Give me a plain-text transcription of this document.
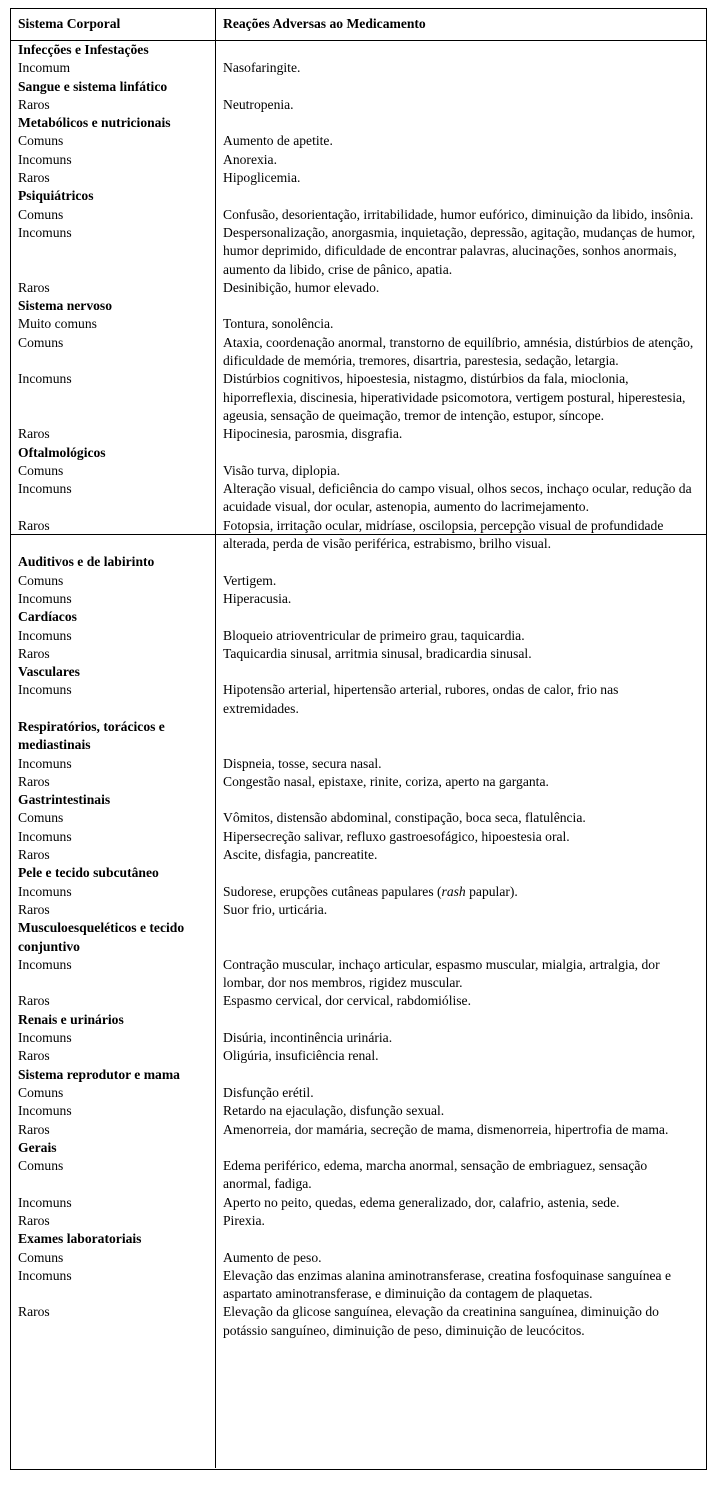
Sistema Corporal	Reações Adversas ao Medicamento
Infecções e Infestações
Incomum	Nasofaringite.
Sangue e sistema linfático
Raros	Neutropenia.
Metabólicos e nutricionais
Comuns	Aumento de apetite.
Incomuns	Anorexia.
Raros	Hipoglicemia.
Psiquiátricos
Comuns	Confusão, desorientação, irritabilidade, humor eufórico, diminuição da libido, insônia.
Incomuns	Despersonalização, anorgasmia, inquietação, depressão, agitação, mudanças de humor, humor deprimido, dificuldade de encontrar palavras, alucinações, sonhos anormais, aumento da libido, crise de pânico, apatia.
Raros	Desinibição, humor elevado.
Sistema nervoso
Muito comuns	Tontura, sonolência.
Comuns	Ataxia, coordenação anormal, transtorno de equilíbrio, amnésia, distúrbios de atenção, dificuldade de memória, tremores, disartria, parestesia, sedação, letargia.
Incomuns	Distúrbios cognitivos, hipoestesia, nistagmo, distúrbios da fala, mioclonia, hiporreflexia, discinesia, hiperatividade psicomotora, vertigem postural, hiperestesia, ageusia, sensação de queimação, tremor de intenção, estupor, síncope.
Raros	Hipocinesia, parosmia, disgrafia.
Oftalmológicos
Comuns	Visão turva, diplopia.
Incomuns	Alteração visual, deficiência do campo visual, olhos secos, inchaço ocular, redução da acuidade visual, dor ocular, astenopia, aumento do lacrimejamento.
Raros	Fotopsia, irritação ocular, midríase, oscilopsia, percepção visual de profundidade alterada, perda de visão periférica, estrabismo, brilho visual.
Auditivos e de labirinto
Comuns	Vertigem.
Incomuns	Hiperacusia.
Cardíacos
Incomuns	Bloqueio atrioventricular de primeiro grau, taquicardia.
Raros	Taquicardia sinusal, arritmia sinusal, bradicardia sinusal.
Vasculares
Incomuns	Hipotensão arterial, hipertensão arterial, rubores, ondas de calor, frio nas extremidades.
Respiratórios, torácicos e mediastinais
Incomuns	Dispneia, tosse, secura nasal.
Raros	Congestão nasal, epistaxe, rinite, coriza, aperto na garganta.
Gastrintestinais
Comuns	Vômitos, distensão abdominal, constipação, boca seca, flatulência.
Incomuns	Hipersecreção salivar, refluxo gastroesofágico, hipoestesia oral.
Raros	Ascite, disfagia, pancreatite.
Pele e tecido subcutâneo
Incomuns	Sudorese, erupções cutâneas papulares (rash papular).
Raros	Suor frio, urticária.
Musculoesqueléticos e tecido conjuntivo
Incomuns	Contração muscular, inchaço articular, espasmo muscular, mialgia, artralgia, dor lombar, dor nos membros, rigidez muscular.
Raros	Espasmo cervical, dor cervical, rabdomiólise.
Renais e urinários
Incomuns	Disúria, incontinência urinária.
Raros	Oligúria, insuficiência renal.
Sistema reprodutor e mama
Comuns	Disfunção erétil.
Incomuns	Retardo na ejaculação, disfunção sexual.
Raros	Amenorreia, dor mamária, secreção de mama, dismenorreia, hipertrofia de mama.
Gerais
Comuns	Edema periférico, edema, marcha anormal, sensação de embriaguez, sensação anormal, fadiga.
Incomuns	Aperto no peito, quedas, edema generalizado, dor, calafrio, astenia, sede.
Raros	Pirexia.
Exames laboratoriais
Comuns	Aumento de peso.
Incomuns	Elevação das enzimas alanina aminotransferase, creatina fosfoquinase sanguínea e aspartato aminotransferase, e diminuição da contagem de plaquetas.
Raros	Elevação da glicose sanguínea, elevação da creatinina sanguínea, diminuição do potássio sanguíneo, diminuição de peso, diminuição de leucócitos.
